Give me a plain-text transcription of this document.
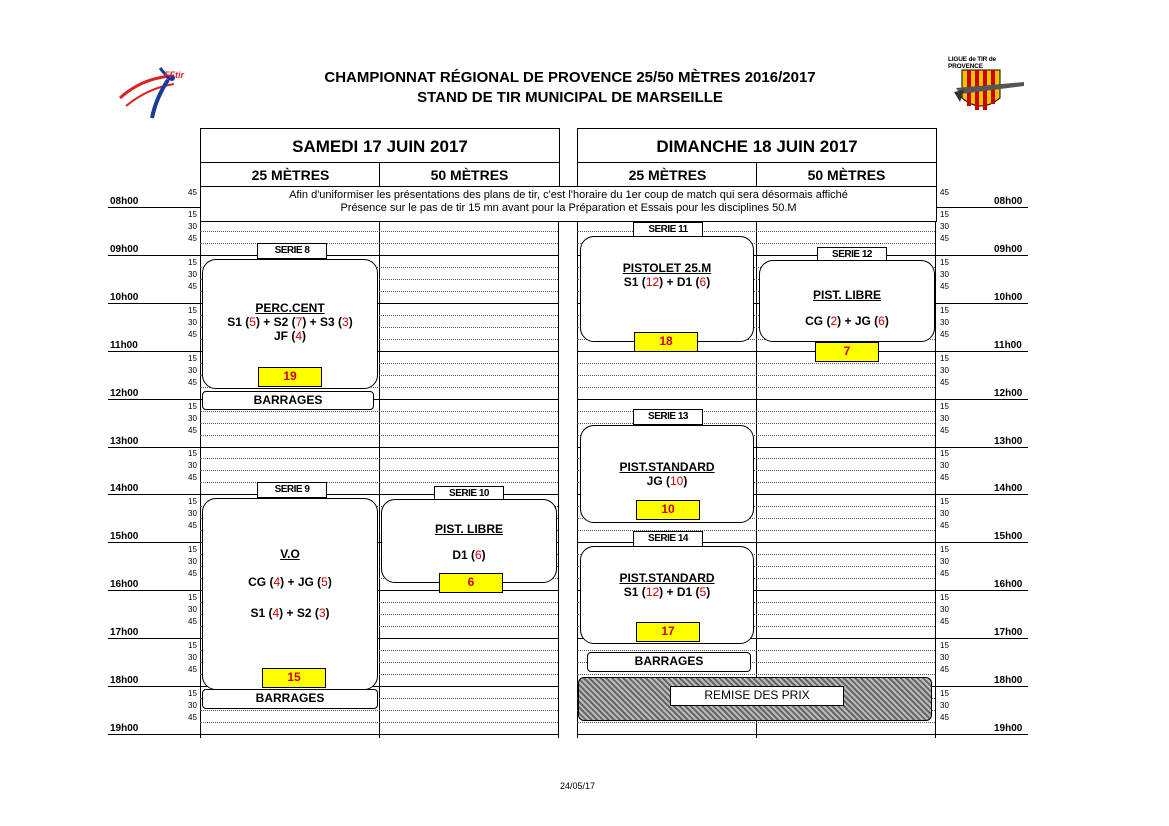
FFtir
LIGUE de TIR de PROVENCE
CHAMPIONNAT RÉGIONAL DE PROVENCE 25/50 MÈTRES 2016/2017
STAND DE TIR MUNICIPAL DE MARSEILLE
SAMEDI 17 JUIN 2017
25 MÈTRES	50 MÈTRES
DIMANCHE 18 JUIN 2017
25 MÈTRES	50 MÈTRES
45	45
08h00	08h00
15	15
30	30
45	45
09h00	09h00
15	15
30	30
45	45
10h00	10h00
15	15
30	30
45	45
11h00	11h00
15	15
30	30
45	45
12h00	12h00
15	15
30	30
45	45
13h00	13h00
15	15
30	30
45	45
14h00	14h00
15	15
30	30
45	45
15h00	15h00
15	15
30	30
45	45
16h00	16h00
15	15
30	30
45	45
17h00	17h00
15	15
30	30
45	45
18h00	18h00
15	15
30	30
45	45
19h00	19h00
Afin d'uniformiser les présentations des plans de tir, c'est l'horaire du 1er coup de match qui sera désormais affiché
Présence sur le pas de tir 15 mn avant pour la Préparation et Essais pour les disciplines 50.M
SERIE 8
PERC.CENT
S1 (5) + S2 (7) + S3 (3)
JF (4)
19
BARRAGES
SERIE 9
V.O
CG (4) + JG (5)
S1 (4) + S2 (3)
15
BARRAGES
SERIE 10
PIST. LIBRE
D1 (6)
6
SERIE 11
PISTOLET 25.M
S1 (12) + D1 (6)
18
SERIE 13
PIST.STANDARD
JG (10)
10
SERIE 14
PIST.STANDARD
S1 (12) + D1 (5)
17
BARRAGES
SERIE 12
PIST. LIBRE
CG (2) + JG (6)
7
REMISE DES PRIX
24/05/17
